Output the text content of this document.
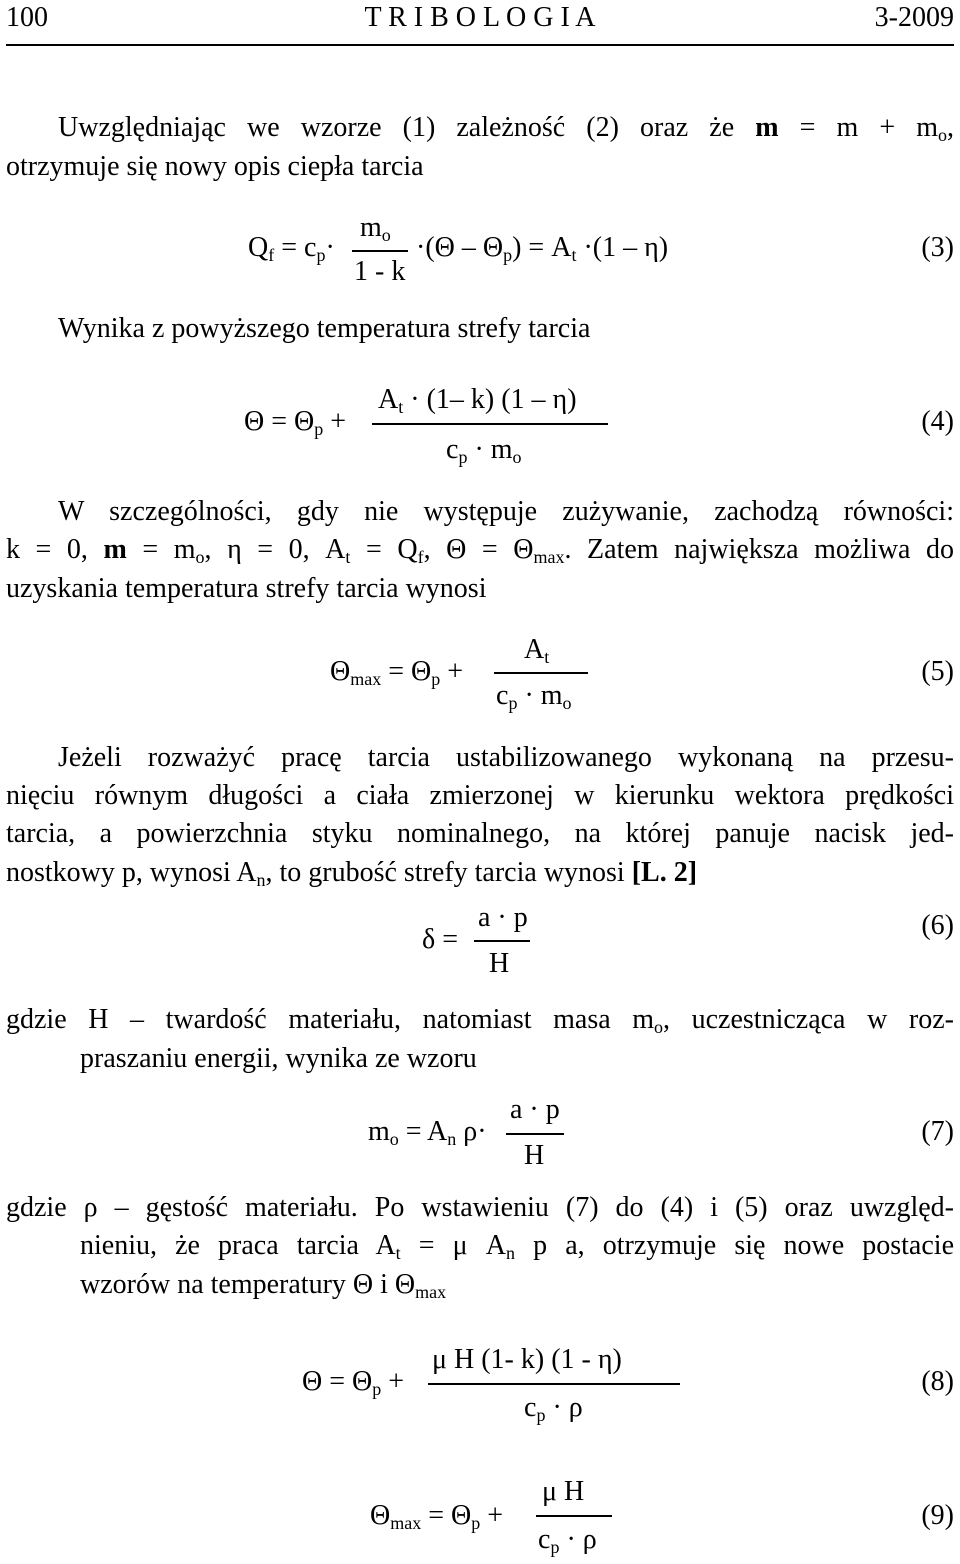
100	T R I B O L O G I A	3-2009
Uwzględniając we wzorze (1) zależność (2) oraz że $m = m + m_o$,
otrzymuje się nowy opis ciepła tarcia
$Q_f = c_p\cdot$
$m_o$
1 - k
$\cdot(\Theta - \Theta_p) = A_t \cdot(1 - \eta)$	(3)
Wynika z powyższego temperatura strefy tarcia
$\Theta = \Theta_p$ +
$A_t \cdot (1-$ k) (1 – η)
$c_p \cdot m_o$
(4)
W szczególności, gdy nie występuje zużywanie, zachodzą równości:
k = 0, $m = m_o$, η = 0, $A_t = Q_f$, $\Theta = \Theta_{max}$. Zatem największa możliwa do
uzyskania temperatura strefy tarcia wynosi
$\Theta_{max} = \Theta_p$ +
$A_t$
$c_p \cdot m_o$
(5)
Jeżeli rozważyć pracę tarcia ustabilizowanego wykonaną na przesu-
nięciu równym długości a ciała zmierzonej w kierunku wektora prędkości
tarcia, a powierzchnia styku nominalnego, na której panuje nacisk jed-
nostkowy p, wynosi $A_n$, to grubość strefy tarcia wynosi [L. 2]
δ =
a · p
H
(6)
gdzie H – twardość materiału, natomiast masa $m_o$, uczestnicząca w roz-
praszaniu energii, wynika ze wzoru
$m_o = A_n$ ρ·
a · p
H
(7)
gdzie ρ – gęstość materiału. Po wstawieniu (7) do (4) i (5) oraz uwzględ-
nieniu, że praca tarcia $A_t = \mu$ $A_n$ p a, otrzymuje się nowe postacie
wzorów na temperatury Θ i $\Theta_{max}$
$\Theta = \Theta_p$ +
μ H (1- k) (1 - η)
$c_p \cdot \rho$
(8)
$\Theta_{max} = \Theta_p$ +
μ H
$c_p \cdot \rho$
(9)
